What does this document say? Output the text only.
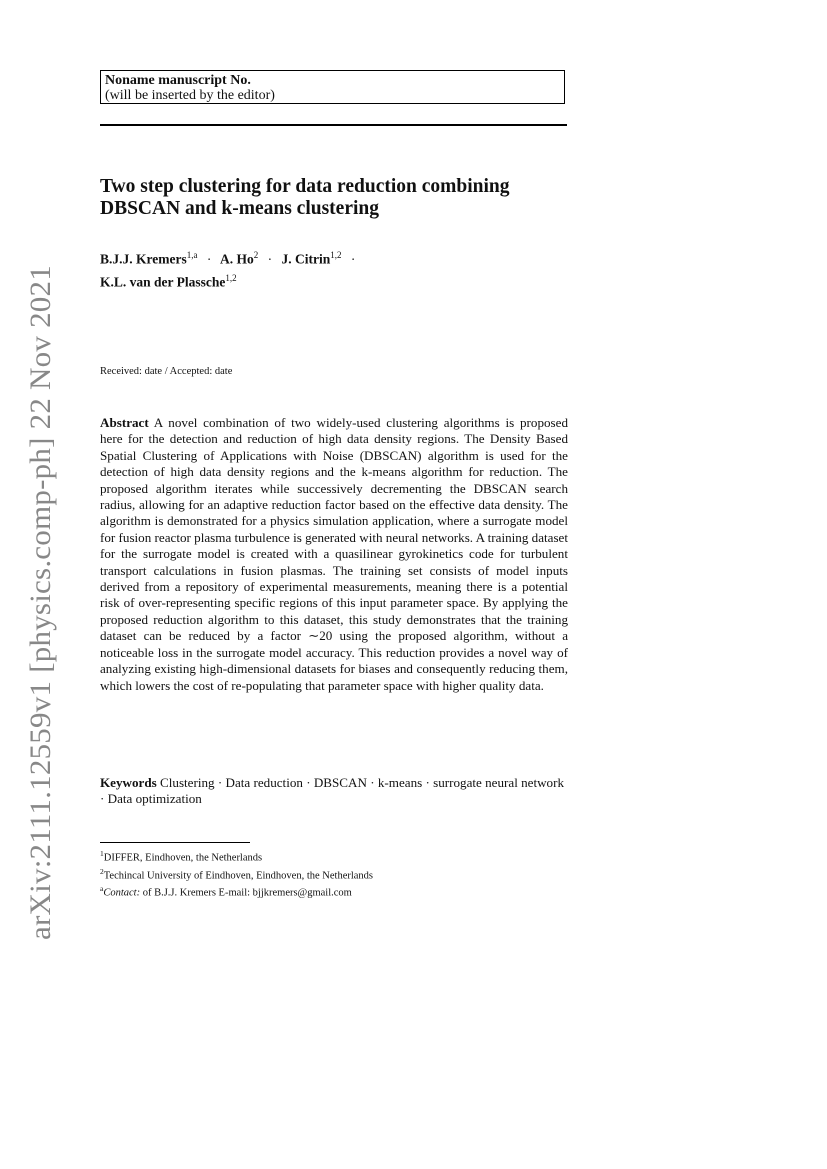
arXiv:2111.12559v1 [physics.comp-ph] 22 Nov 2021
Noname manuscript No.
(will be inserted by the editor)
Two step clustering for data reduction combining DBSCAN and k-means clustering
B.J.J. Kremers$^{1,a}$ · A. $Ho^2 \cdot J$. Citrin$^{1,2}$ ·
K.L. van der Plassche$^{1,2}$
Received: date / Accepted: date
Abstract A novel combination of two widely-used clustering algorithms is proposed here for the detection and reduction of high data density regions. The Density Based Spatial Clustering of Applications with Noise (DBSCAN) algorithm is used for the detection of high data density regions and the k-means algorithm for reduction. The proposed algorithm iterates while successively decrementing the DBSCAN search radius, allowing for an adaptive reduction factor based on the effective data density. The algorithm is demonstrated for a physics simulation application, where a surrogate model for fusion reactor plasma turbulence is generated with neural networks. A training dataset for the surrogate model is created with a quasilinear gyrokinetics code for turbulent transport calculations in fusion plasmas. The training set consists of model inputs derived from a repository of experimental measurements, meaning there is a potential risk of over-representing specific regions of this input parameter space. By applying the proposed reduction algorithm to this dataset, this study demonstrates that the training dataset can be reduced by a factor ∼20 using the proposed algorithm, without a noticeable loss in the surrogate model accuracy. This reduction provides a novel way of analyzing existing high-dimensional datasets for biases and consequently reducing them, which lowers the cost of re-populating that parameter space with higher quality data.
Keywords Clustering · Data reduction · DBSCAN · k-means · surrogate neural network · Data optimization
$^1$DIFFER, Eindhoven, the Netherlands
$^2$Techincal University of Eindhoven, Eindhoven, the Netherlands
$^a$Contact: of B.J.J. Kremers E-mail: bjjkremers@gmail.com
